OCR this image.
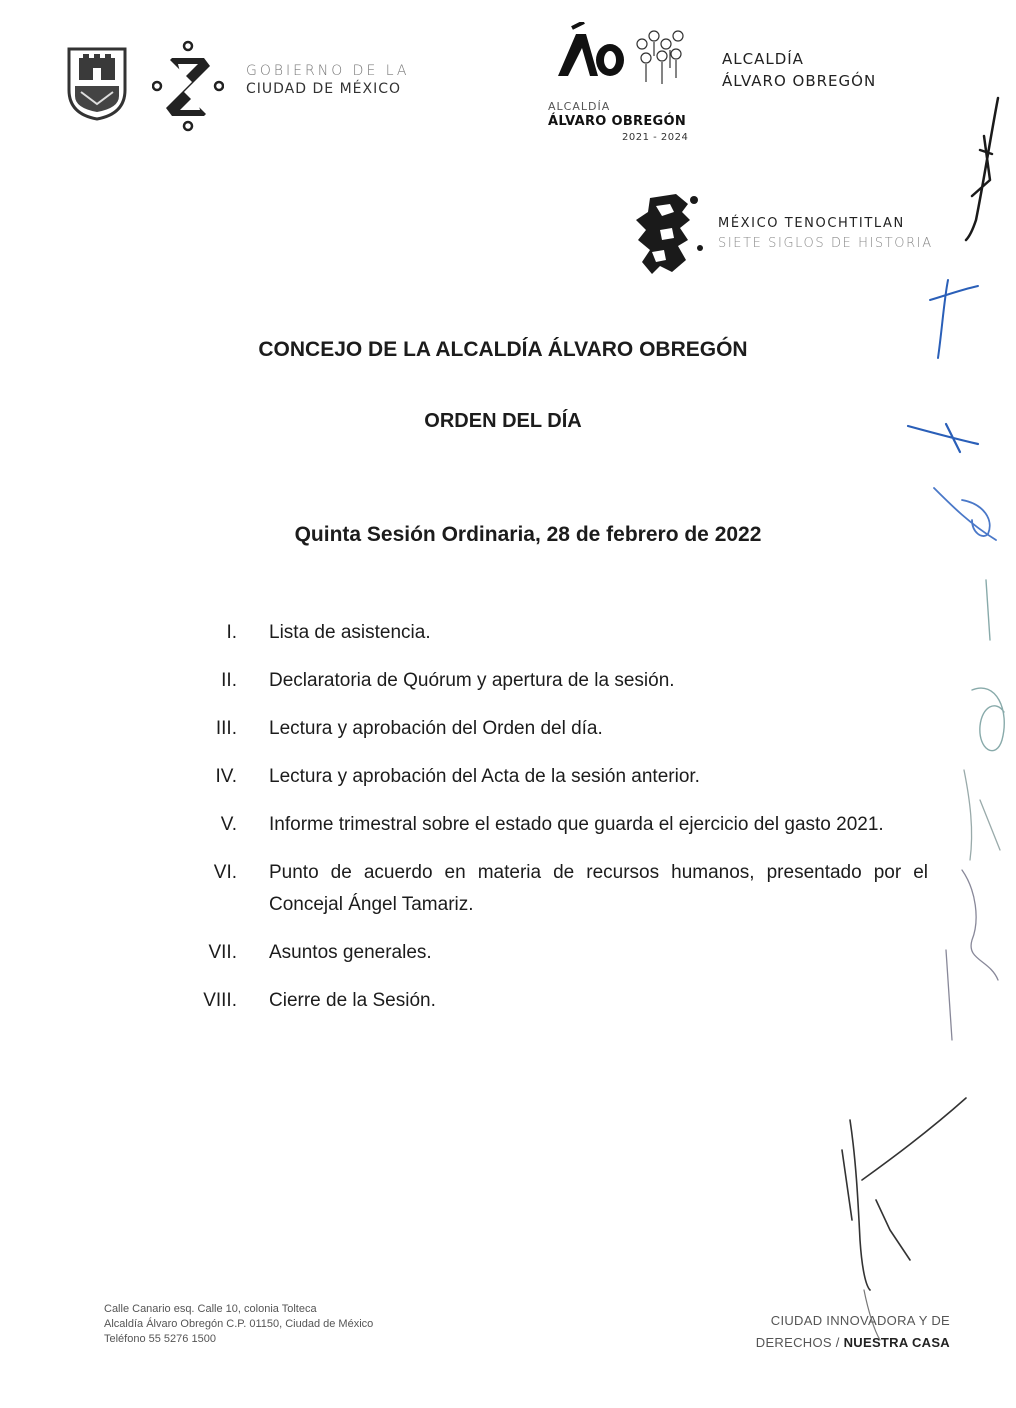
GOBIERNO DE LA
CIUDAD DE MÉXICO
ALCALDÍA
ÁLVARO OBREGÓN
2021 - 2024
ALCALDÍA
ÁLVARO OBREGÓN
MÉXICO TENOCHTITLAN
SIETE SIGLOS DE HISTORIA
CONCEJO DE LA ALCALDÍA ÁLVARO OBREGÓN
ORDEN DEL DÍA
Quinta Sesión Ordinaria, 28 de febrero de 2022
I. Lista de asistencia.
II. Declaratoria de Quórum y apertura de la sesión.
III. Lectura y aprobación del Orden del día.
IV. Lectura y aprobación del Acta de la sesión anterior.
V. Informe trimestral sobre el estado que guarda el ejercicio del gasto 2021.
VI. Punto de acuerdo en materia de recursos humanos, presentado por el Concejal Ángel Tamariz.
VII. Asuntos generales.
VIII. Cierre de la Sesión.
Calle Canario esq. Calle 10, colonia Tolteca
Alcaldía Álvaro Obregón C.P. 01150, Ciudad de México
Teléfono 55 5276 1500
CIUDAD INNOVADORA Y DE
DERECHOS / NUESTRA CASA
